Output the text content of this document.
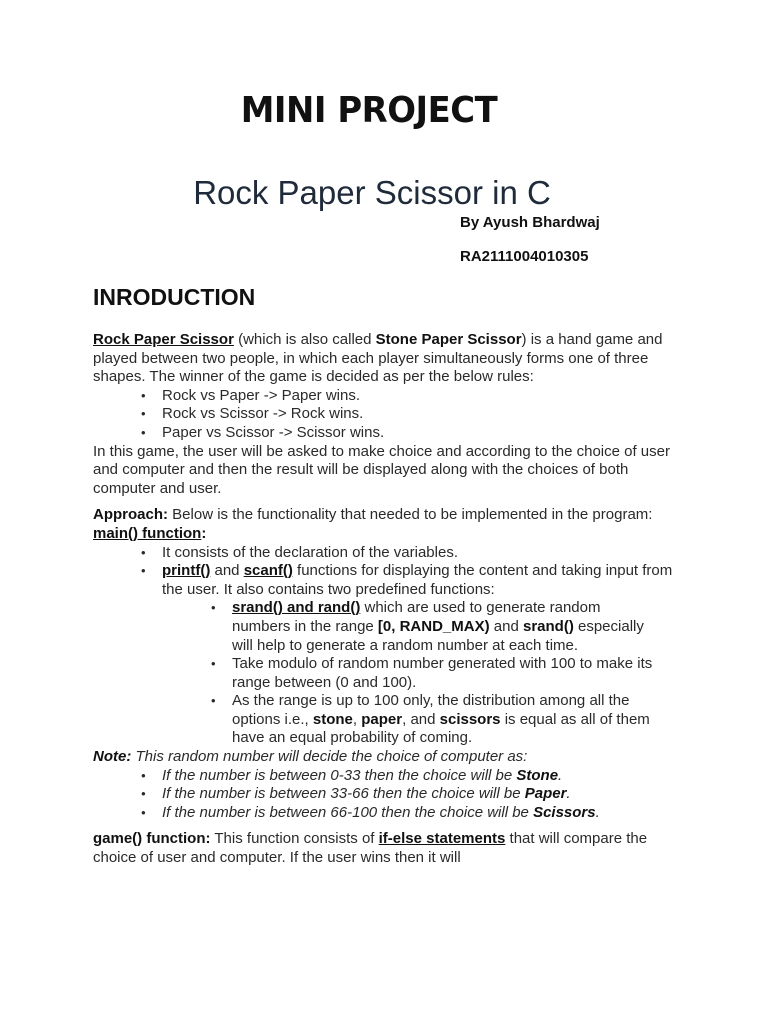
MINI PROJECT
Rock Paper Scissor in C
By Ayush Bhardwaj
RA2111004010305
INRODUCTION

Rock Paper Scissor (which is also called Stone Paper Scissor) is a hand game and played between two people, in which each player simultaneously forms one of three shapes. The winner of the game is decided as per the below rules:

• Rock vs Paper -> Paper wins.
• Rock vs Scissor -> Rock wins.
• Paper vs Scissor -> Scissor wins.

In this game, the user will be asked to make choice and according to the choice of user and computer and then the result will be displayed along with the choices of both computer and user.

Approach: Below is the functionality that needed to be implemented in the program:

main() function:

• It consists of the declaration of the variables.
• printf() and scanf() functions for displaying the content and taking input from the user. It also contains two predefined functions:
• srand() and rand() which are used to generate random numbers in the range [0, RAND_MAX) and srand() especially will help to generate a random number at each time.
• Take modulo of random number generated with 100 to make its range between (0 and 100).
• As the range is up to 100 only, the distribution among all the options i.e., stone, paper, and scissors is equal as all of them have an equal probability of coming.

Note: This random number will decide the choice of computer as:

• If the number is between 0-33 then the choice will be Stone.
• If the number is between 33-66 then the choice will be Paper.
• If the number is between 66-100 then the choice will be Scissors.

game() function: This function consists of if-else statements that will compare the choice of user and computer. If the user wins then it will
